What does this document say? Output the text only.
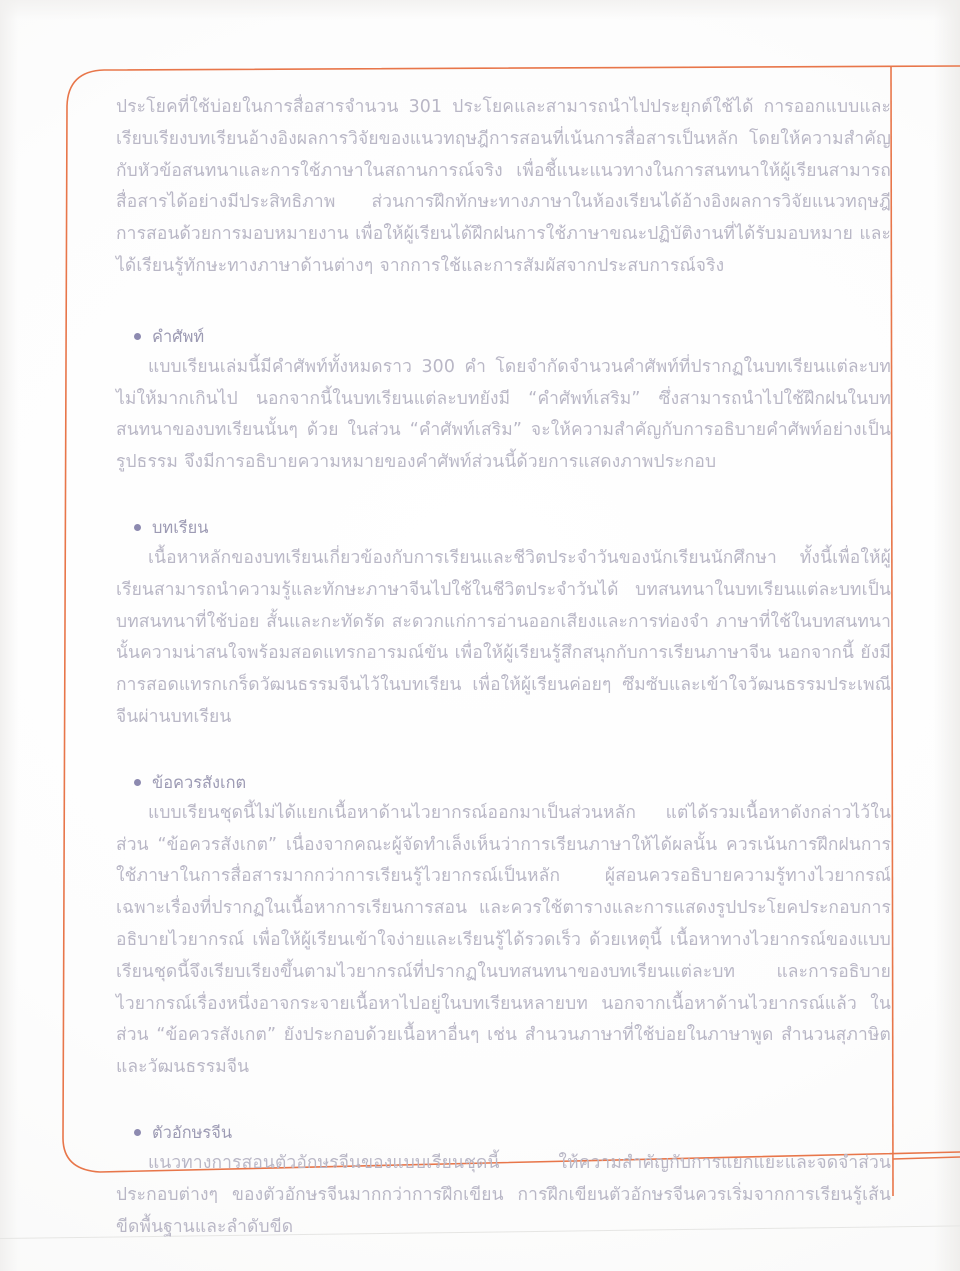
ประโยคที่ใช้บ่อยในการสื่อสารจำนวน 301 ประโยคและสามารถนำไปประยุกต์ใช้ได้ การออกแบบและเรียบเรียงบทเรียนอ้างอิงผลการวิจัยของแนวทฤษฎีการสอนที่เน้นการสื่อสารเป็นหลัก โดยให้ความสำคัญกับหัวข้อสนทนาและการใช้ภาษาในสถานการณ์จริง เพื่อชี้แนะแนวทางในการสนทนาให้ผู้เรียนสามารถสื่อสารได้อย่างมีประสิทธิภาพ ส่วนการฝึกทักษะทางภาษาในห้องเรียนได้อ้างอิงผลการวิจัยแนวทฤษฎีการสอนด้วยการมอบหมายงาน เพื่อให้ผู้เรียนได้ฝึกฝนการใช้ภาษาขณะปฏิบัติงานที่ได้รับมอบหมาย และได้เรียนรู้ทักษะทางภาษาด้านต่างๆ จากการใช้และการสัมผัสจากประสบการณ์จริง

คำศัพท์

แบบเรียนเล่มนี้มีคำศัพท์ทั้งหมดราว 300 คำ โดยจำกัดจำนวนคำศัพท์ที่ปรากฏในบทเรียนแต่ละบทไม่ให้มากเกินไป นอกจากนี้ในบทเรียนแต่ละบทยังมี “คำศัพท์เสริม” ซึ่งสามารถนำไปใช้ฝึกฝนในบทสนทนาของบทเรียนนั้นๆ ด้วย ในส่วน “คำศัพท์เสริม” จะให้ความสำคัญกับการอธิบายคำศัพท์อย่างเป็นรูปธรรม จึงมีการอธิบายความหมายของคำศัพท์ส่วนนี้ด้วยการแสดงภาพประกอบ

บทเรียน

เนื้อหาหลักของบทเรียนเกี่ยวข้องกับการเรียนและชีวิตประจำวันของนักเรียนนักศึกษา ทั้งนี้เพื่อให้ผู้เรียนสามารถนำความรู้และทักษะภาษาจีนไปใช้ในชีวิตประจำวันได้ บทสนทนาในบทเรียนแต่ละบทเป็นบทสนทนาที่ใช้บ่อย สั้นและกะทัดรัด สะดวกแก่การอ่านออกเสียงและการท่องจำ ภาษาที่ใช้ในบทสนทนานั้นความน่าสนใจพร้อมสอดแทรกอารมณ์ขัน เพื่อให้ผู้เรียนรู้สึกสนุกกับการเรียนภาษาจีน นอกจากนี้ ยังมีการสอดแทรกเกร็ดวัฒนธรรมจีนไว้ในบทเรียน เพื่อให้ผู้เรียนค่อยๆ ซึมซับและเข้าใจวัฒนธรรมประเพณีจีนผ่านบทเรียน

ข้อควรสังเกต

แบบเรียนชุดนี้ไม่ได้แยกเนื้อหาด้านไวยากรณ์ออกมาเป็นส่วนหลัก แต่ได้รวมเนื้อหาดังกล่าวไว้ในส่วน “ข้อควรสังเกต” เนื่องจากคณะผู้จัดทำเล็งเห็นว่าการเรียนภาษาให้ได้ผลนั้น ควรเน้นการฝึกฝนการใช้ภาษาในการสื่อสารมากกว่าการเรียนรู้ไวยากรณ์เป็นหลัก ผู้สอนควรอธิบายความรู้ทางไวยากรณ์เฉพาะเรื่องที่ปรากฏในเนื้อหาการเรียนการสอน และควรใช้ตารางและการแสดงรูปประโยคประกอบการอธิบายไวยากรณ์ เพื่อให้ผู้เรียนเข้าใจง่ายและเรียนรู้ได้รวดเร็ว ด้วยเหตุนี้ เนื้อหาทางไวยากรณ์ของแบบเรียนชุดนี้จึงเรียบเรียงขึ้นตามไวยากรณ์ที่ปรากฏในบทสนทนาของบทเรียนแต่ละบท และการอธิบายไวยากรณ์เรื่องหนึ่งอาจกระจายเนื้อหาไปอยู่ในบทเรียนหลายบท นอกจากเนื้อหาด้านไวยากรณ์แล้ว ในส่วน “ข้อควรสังเกต” ยังประกอบด้วยเนื้อหาอื่นๆ เช่น สำนวนภาษาที่ใช้บ่อยในภาษาพูด สำนวนสุภาษิตและวัฒนธรรมจีน

ตัวอักษรจีน

แนวทางการสอนตัวอักษรจีนของแบบเรียนชุดนี้ ให้ความสำคัญกับการแยกแยะและจดจำส่วนประกอบต่างๆ ของตัวอักษรจีนมากกว่าการฝึกเขียน การฝึกเขียนตัวอักษรจีนควรเริ่มจากการเรียนรู้เส้นขีดพื้นฐานและลำดับขีด
